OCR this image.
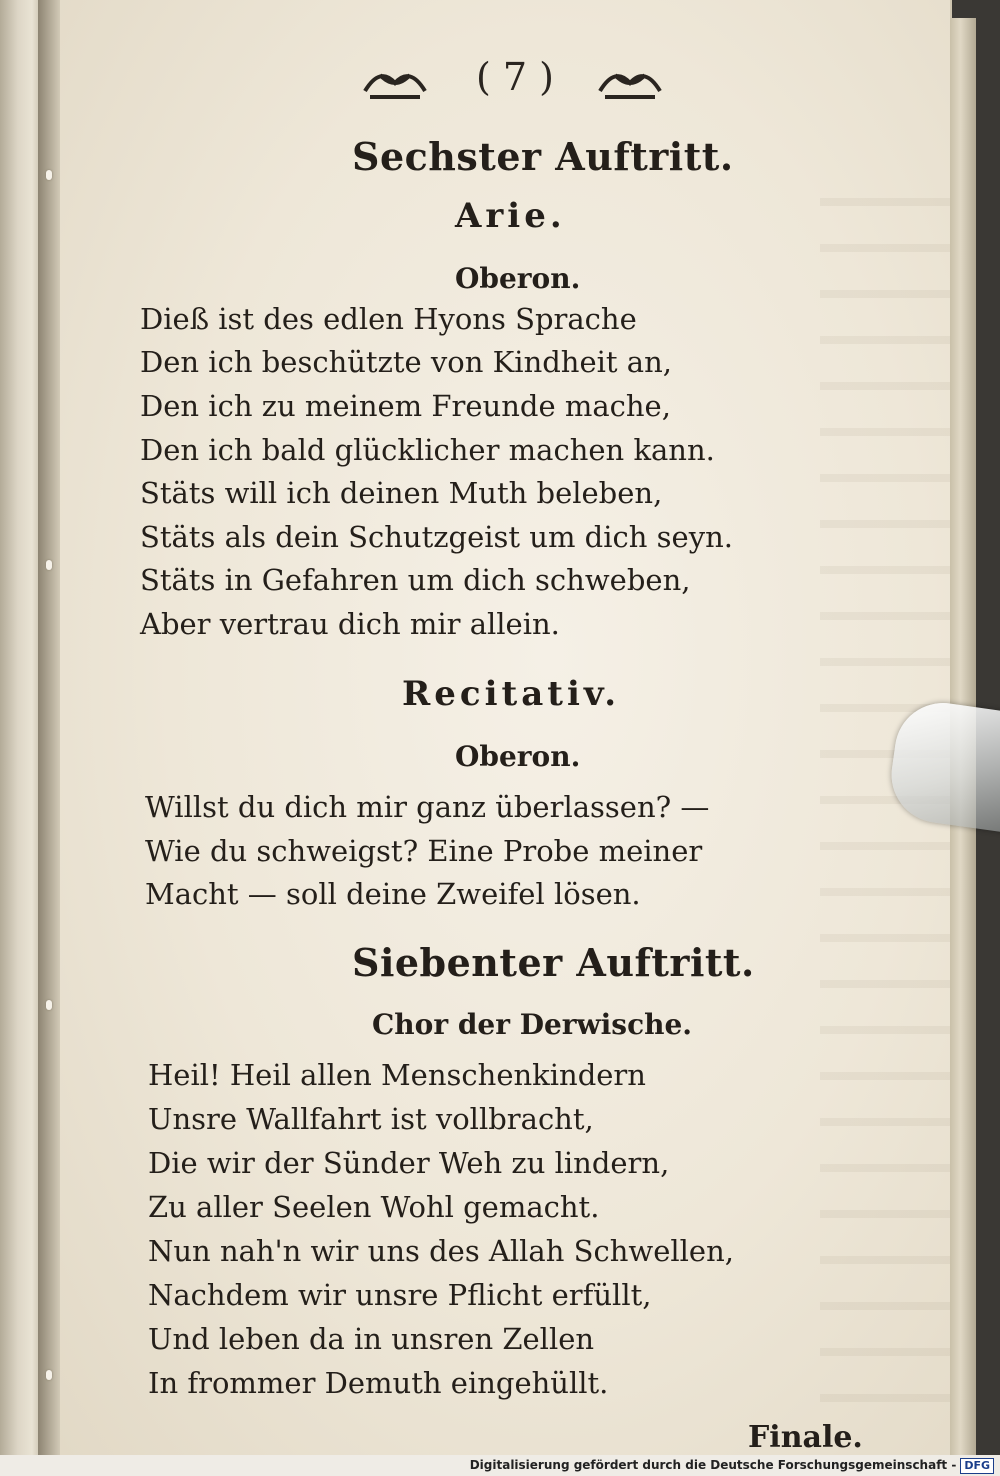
( 7 )
Sechster Auftritt.
Arie.
Oberon.
Dieß ist des edlen Hyons Sprache
Den ich beschützte von Kindheit an,
Den ich zu meinem Freunde mache,
Den ich bald glücklicher machen kann.
Stäts will ich deinen Muth beleben,
Stäts als dein Schutzgeist um dich seyn.
Stäts in Gefahren um dich schweben,
Aber vertrau dich mir allein.
Recitativ.
Oberon.
Willst du dich mir ganz überlassen? —
Wie du schweigst? Eine Probe meiner
Macht — soll deine Zweifel lösen.
Siebenter Auftritt.
Chor der Derwische.
Heil! Heil allen Menschenkindern
Unsre Wallfahrt ist vollbracht,
Die wir der Sünder Weh zu lindern,
Zu aller Seelen Wohl gemacht.
Nun nah'n wir uns des Allah Schwellen,
Nachdem wir unsre Pflicht erfüllt,
Und leben da in unsren Zellen
In frommer Demuth eingehüllt.
Finale.
Digitalisierung gefördert durch die Deutsche Forschungsgemeinschaft - DFG
